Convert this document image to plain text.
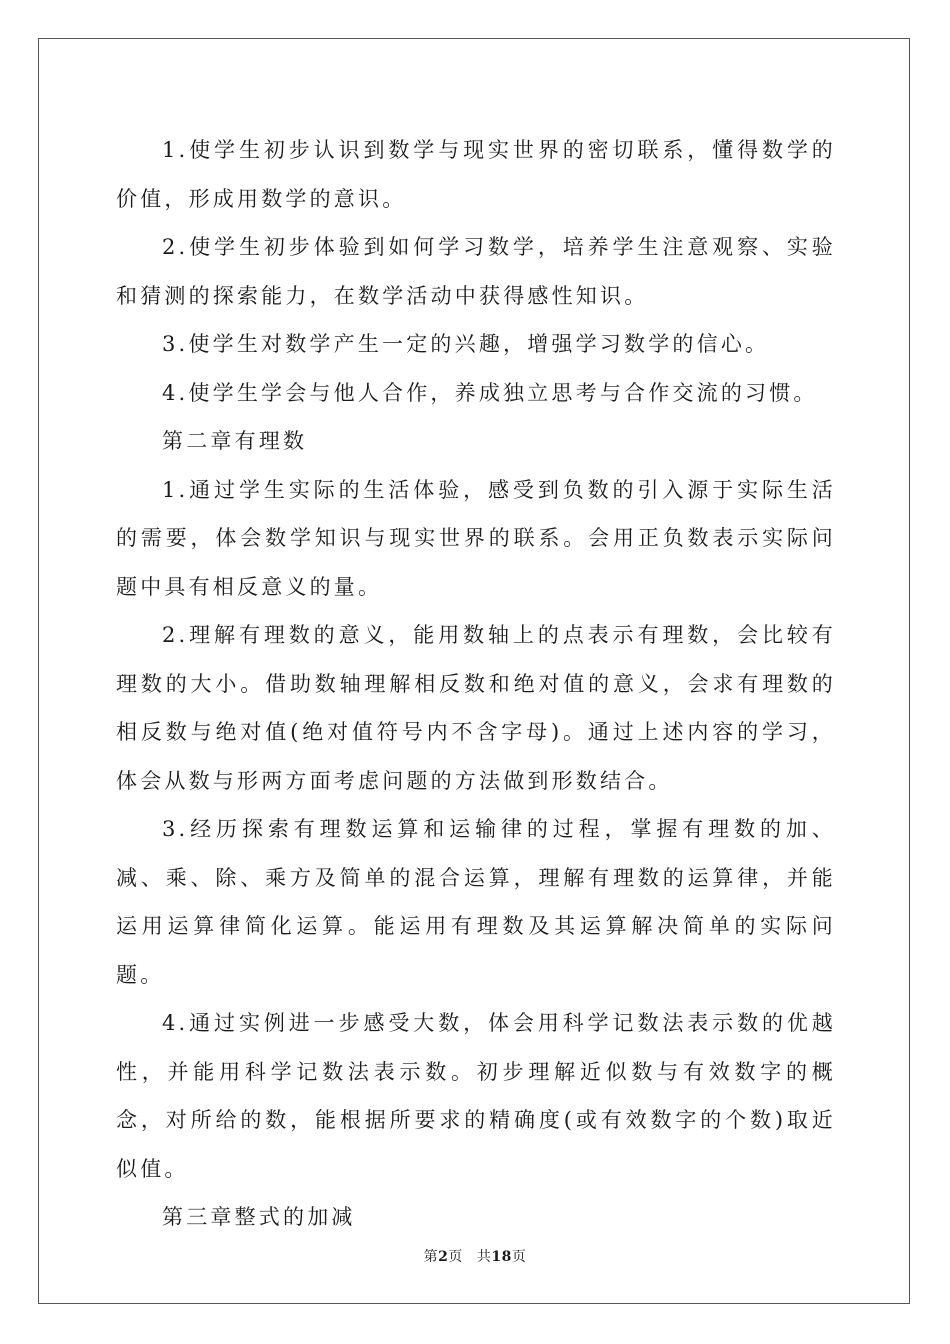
1.使学生初步认识到数学与现实世界的密切联系，懂得数学的价值，形成用数学的意识。

2.使学生初步体验到如何学习数学，培养学生注意观察、实验和猜测的探索能力，在数学活动中获得感性知识。

3.使学生对数学产生一定的兴趣，增强学习数学的信心。

4.使学生学会与他人合作，养成独立思考与合作交流的习惯。

第二章有理数

1.通过学生实际的生活体验，感受到负数的引入源于实际生活的需要，体会数学知识与现实世界的联系。会用正负数表示实际问题中具有相反意义的量。

2.理解有理数的意义，能用数轴上的点表示有理数，会比较有理数的大小。借助数轴理解相反数和绝对值的意义，会求有理数的相反数与绝对值(绝对值符号内不含字母)。通过上述内容的学习，体会从数与形两方面考虑问题的方法做到形数结合。

3.经历探索有理数运算和运输律的过程，掌握有理数的加、减、乘、除、乘方及简单的混合运算，理解有理数的运算律，并能运用运算律简化运算。能运用有理数及其运算解决简单的实际问题。

4.通过实例进一步感受大数，体会用科学记数法表示数的优越性，并能用科学记数法表示数。初步理解近似数与有效数字的概念，对所给的数，能根据所要求的精确度(或有效数字的个数)取近似值。

第三章整式的加减

第2页 共18页
